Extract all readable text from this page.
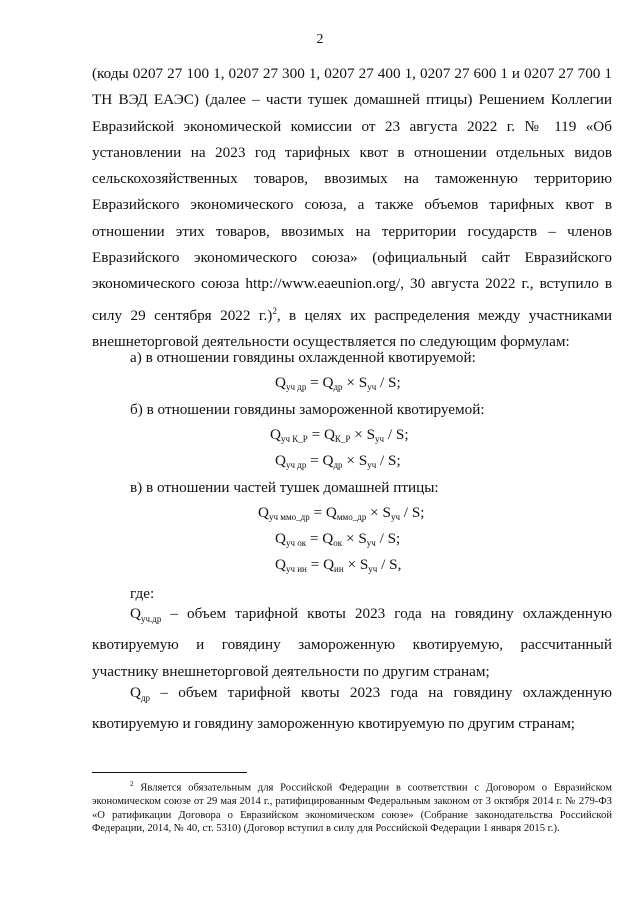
2

(коды 0207 27 100 1, 0207 27 300 1, 0207 27 400 1, 0207 27 600 1 и 0207 27 700 1 ТН ВЭД ЕАЭС) (далее – части тушек домашней птицы) Решением Коллегии Евразийской экономической комиссии от 23 августа 2022 г. № 119 «Об установлении на 2023 год тарифных квот в отношении отдельных видов сельскохозяйственных товаров, ввозимых на таможенную территорию Евразийского экономического союза, а также объемов тарифных квот в отношении этих товаров, ввозимых на территории государств – членов Евразийского экономического союза» (официальный сайт Евразийского экономического союза http://www.eaeunion.org/, 30 августа 2022 г., вступило в силу 29 сентября 2022 г.)$^2$, в целях их распределения между участниками внешнеторговой деятельности осуществляется по следующим формулам:

а) в отношении говядины охлажденной квотируемой:
$Q_{уч др} = Q_{др} \times S_{уч} / S$;
б) в отношении говядины замороженной квотируемой:
$Q_{уч К\_Р} = Q_{К\_Р} \times S_{уч} / S$;
$Q_{уч др} = Q_{др} \times S_{уч} / S$;
в) в отношении частей тушек домашней птицы:
$Q_{уч ммо\_др} = Q_{ммо\_др} \times S_{уч} / S$;
$Q_{уч ок} = Q_{ок} \times S_{уч} / S$;
$Q_{уч ин} = Q_{ин} \times S_{уч} / S$,
где:

$Q_{уч.др}$ – объем тарифной квоты 2023 года на говядину охлажденную квотируемую и говядину замороженную квотируемую, рассчитанный участнику внешнеторговой деятельности по другим странам;

$Q_{др}$ – объем тарифной квоты 2023 года на говядину охлажденную квотируемую и говядину замороженную квотируемую по другим странам;

$^2$ Является обязательным для Российской Федерации в соответствии с Договором о Евразийском экономическом союзе от 29 мая 2014 г., ратифицированным Федеральным законом от 3 октября 2014 г. № 279-ФЗ «О ратификации Договора о Евразийском экономическом союзе» (Собрание законодательства Российской Федерации, 2014, № 40, ст. 5310) (Договор вступил в силу для Российской Федерации 1 января 2015 г.).
